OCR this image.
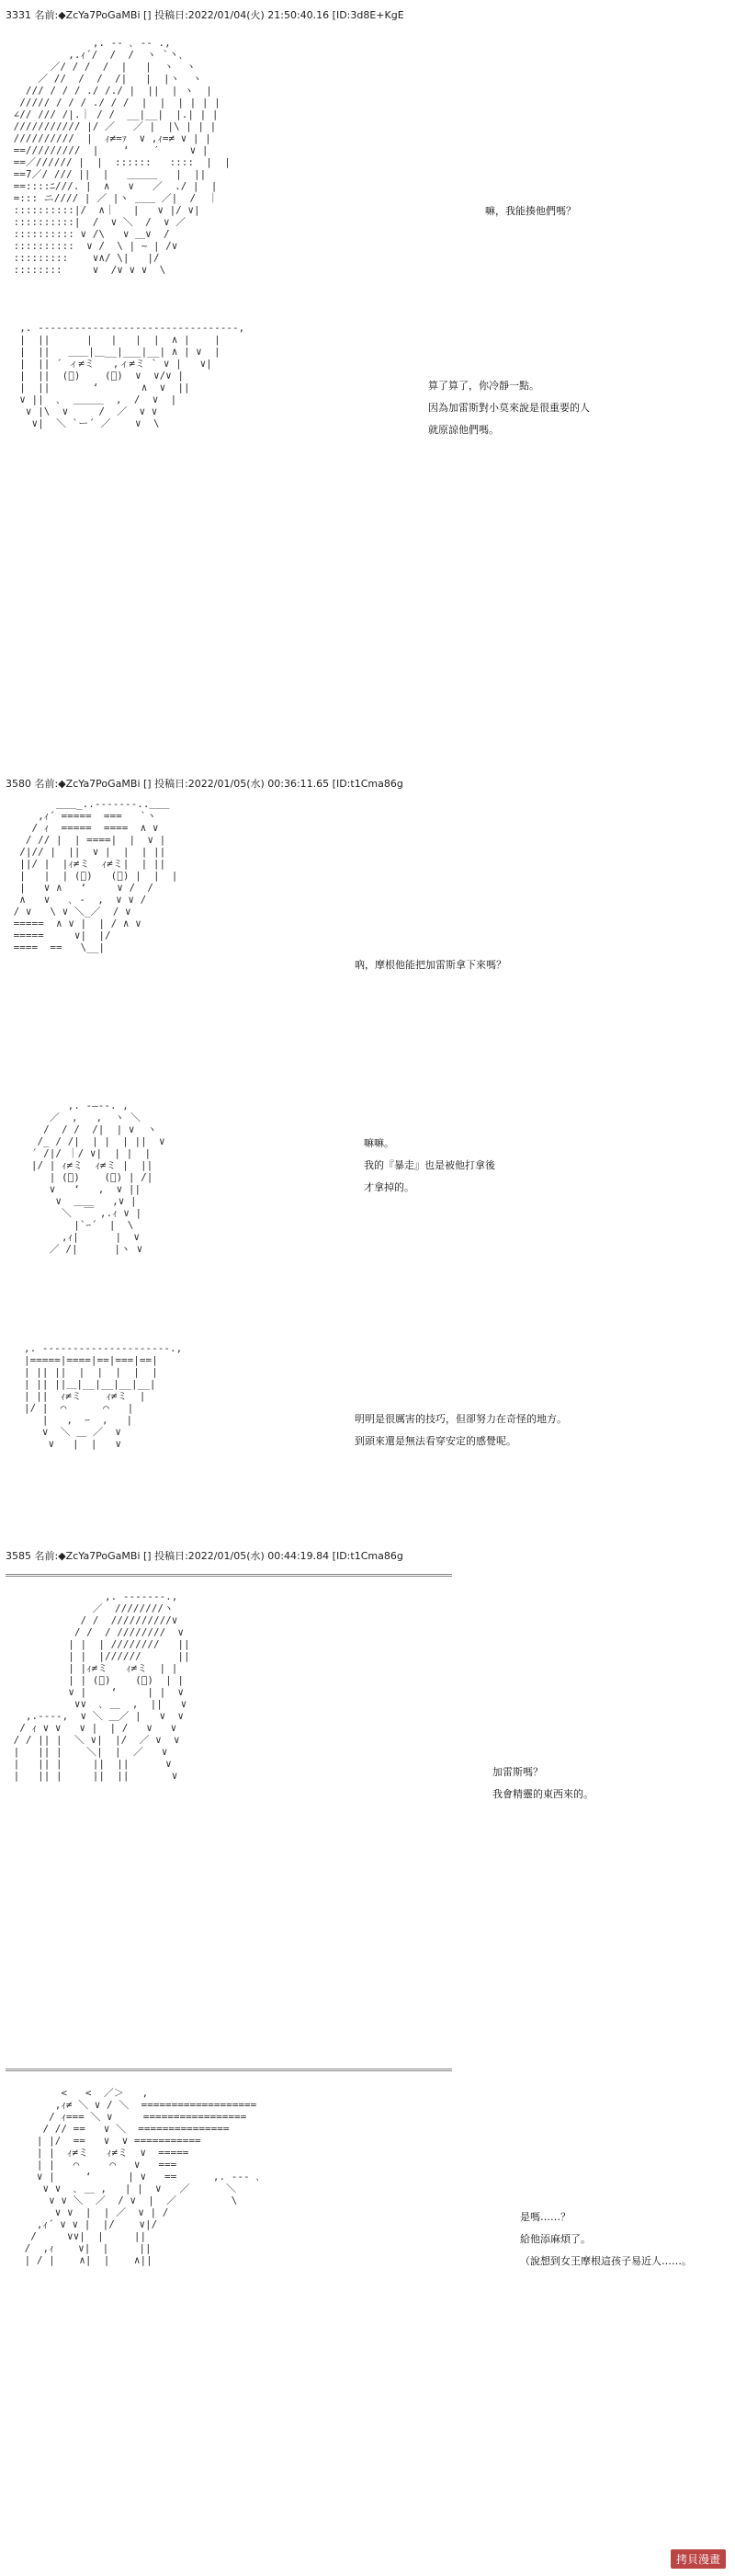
3331 名前:◆ZcYa7PoGaMBi [] 投稿日:2022/01/04(火) 21:50:40.16 [ID:3d8E+KgE
,. -‐ ､ ‐- .,
,.ｨ´/  /  /  ヽ `丶､
／/ / /  /  |   |  ヽ  ヽ
／ //  /  /  /|   |  |ヽ  ヽ
/// / / / ./ /./ |  ||  | ヽ  |
///// / / / ./ / /  |  |  | | | |
∠// /// /|.｜ / /  __|__|  |.| | |
/////////// |/ ／   ／ |  |\ | | |
//////////  |  ｨ≠=ｧ  ∨ ,ｨ=≠ ∨ | |
==/////////  |    ‘    ′     ∨ |
==／////// |  |  ::::::   ::::  |  |
==7／/ /// ||  |   ＿＿＿   |  ||
==::::ﾆ///. |  ∧   ∨   ／  ./ |  |
=::: ニ//// | ／ |ヽ ＿＿ ／|  /  ｜
::::::::::|/  ∧｜   |   ∨ |/ ∨|
::::::::::|  /  ∨ ＼  /  ∨ ／
:::::::::: ∨ /\   ∨ ＿∨  /
::::::::::  ∨ /  \ | ~ | /∨
:::::::::    ∨∧/ \|   |/
::::::::     ∨  /∨ ∨ ∨  \

嘛，我能揍他們嗎？

,. ----‐‐‐---‐‐‐‐‐‐‐‐‐---‐‐‐‐----‐‐‐,
|  ||      |   |   |  |  ∧ |    |
|  ||   ＿＿|＿__|___|__| ∧ | ∨  |
|  || ´ ィ≠ミ   ,ィ≠ミ ` ∨ |   ∨|
|  ||  (ﾟ)    (ﾟ)  ∨  ∨/∨ |
|  ||       ‘       ∧  ∨  ||
∨ ||  ､  ＿＿＿  ,  /  ∨  |
∨ |\  ∨     /  ／  ∨ ∨
∨|  ＼ `ー´ ／    ∨  \

算了算了，你冷靜一點。

因為加雷斯對小莫來說是很重要的人

就原諒他們嗎。

3580 名前:◆ZcYa7PoGaMBi [] 投稿日:2022/01/05(水) 00:36:11.65 [ID:t1Cma86g
＿＿_..-‐‐‐‐‐-..＿＿
,ｨ´ =====  ===   `ヽ
/ ｨ  =====  ====  ∧ ∨
/ // |  | ====|  |  ∨ |
/|// |  ||  ∨ |  |  | ||
||/ |  |ｨ≠ミ  ｨ≠ミ|  | ||
|   |  | (ﾟ)   (ﾟ) |  |  |
|   ∨ ∧   ‘     ∨ /  /
∧   ∨   ､ -  ,  ∨ ∨ /
/ ∨   \ ∨ ＼_／  / ∨
=====  ∧ ∨ |  | / ∧ ∨
=====     ∨|  |/
====  ==   \__|

吶，摩根他能把加雷斯拿下來嗎？

,. -―‐-. ,
／  ,   ,  ヽ ＼
/  / /  /|  | ∨  ヽ
/_ / /|  | |  | ||  ∨
´ /|/ ｜/ ∨|  | |  |
|/ | ｨ≠ミ  ｨ≠ミ |  ||
| (ﾟ)    (ﾟ) | /|
∨   ‘   ,  ∨ ||
∨  ＿＿   ,∨ |
＼  ￣ ,.ｨ ∨ |
|`ｰ´  |  \
,ｨ|      |  ∨
／ /|      |ヽ ∨

嘛嘛。

我的『暴走』也是被他打拿後

才拿掉的。

,. -----‐‐‐‐‐‐‐‐‐‐--‐‐‐‐.,
|=====|====|==|===|==|
| || ||  |  |  |  |  |
| || ||＿|__|__|__|__|
| ||  ｨ≠ミ    ｨ≠ミ  |
|/ |  ⌒      ⌒   |
|   ,  ｰ  ,   |
∨  ＼ ＿ ／  ∨
∨   |  |   ∨

明明是很厲害的技巧，但卻努力在奇怪的地方。

到頭來還是無法看穿安定的感覺呢。

3585 名前:◆ZcYa7PoGaMBi [] 投稿日:2022/01/05(水) 00:44:19.84 [ID:t1Cma86g
,. -‐‐‐‐‐-.,
／  ////////ヽ
/ /  //////////∨
/ /  / ////////  ∨
| |  | ////////   ||
| |  |//////      ||
| |ｨ≠ミ   ｨ≠ミ  | |
| | (ﾟ)    (ﾟ)  | |
∨ |    ‘     | |  ∨
∨∨  ､ ＿  ,  ||   ∨
,.-‐‐-,  ∨ ＼ ＿／ |   ∨  ∨
/ ｨ ∨ ∨   ∨ |  | /   ∨   ∨
/ / || |  ＼ ∨|  |/  ／ ∨  ∨
|   || |    ＼|  |  ／   ∨
|   || |     ||  ||      ∨
|   || |     ||  ||       ∨	加雷斯嗎？

我會精靈的東西來的。

<   <  ／＞   ,
,ｨ≠ ＼ ∨ / ＼  ===================
/ ｨ=== ＼ ∨     =================
/ // ==   ∨ ＼  ===============
| |/  ==   ∨  ∨ ===========
| |  ｨ≠ミ   ｨ≠ミ  ∨  =====
| |   ⌒     ⌒   ∨   ===
∨ |     ‘      | ∨   ==      ,. ‐‐‐ ､
∨ ∨  ､ ＿ ,   | |  ∨   ／      ＼
∨ ∨ ＼  ／  / ∨  |  ／         \
∨ ∨  |  | ／  ∨ | /
,ｨ´ ∨ ∨ |  |/    ∨|/
/     ∨∨|  |     ||
/  ,ｨ    ∨|  |     ||
| / |    ∧|  |    ∧||

是嗎……？

給他添麻煩了。

（說想到女王摩根這孩子易近人……。

拷貝漫畫
